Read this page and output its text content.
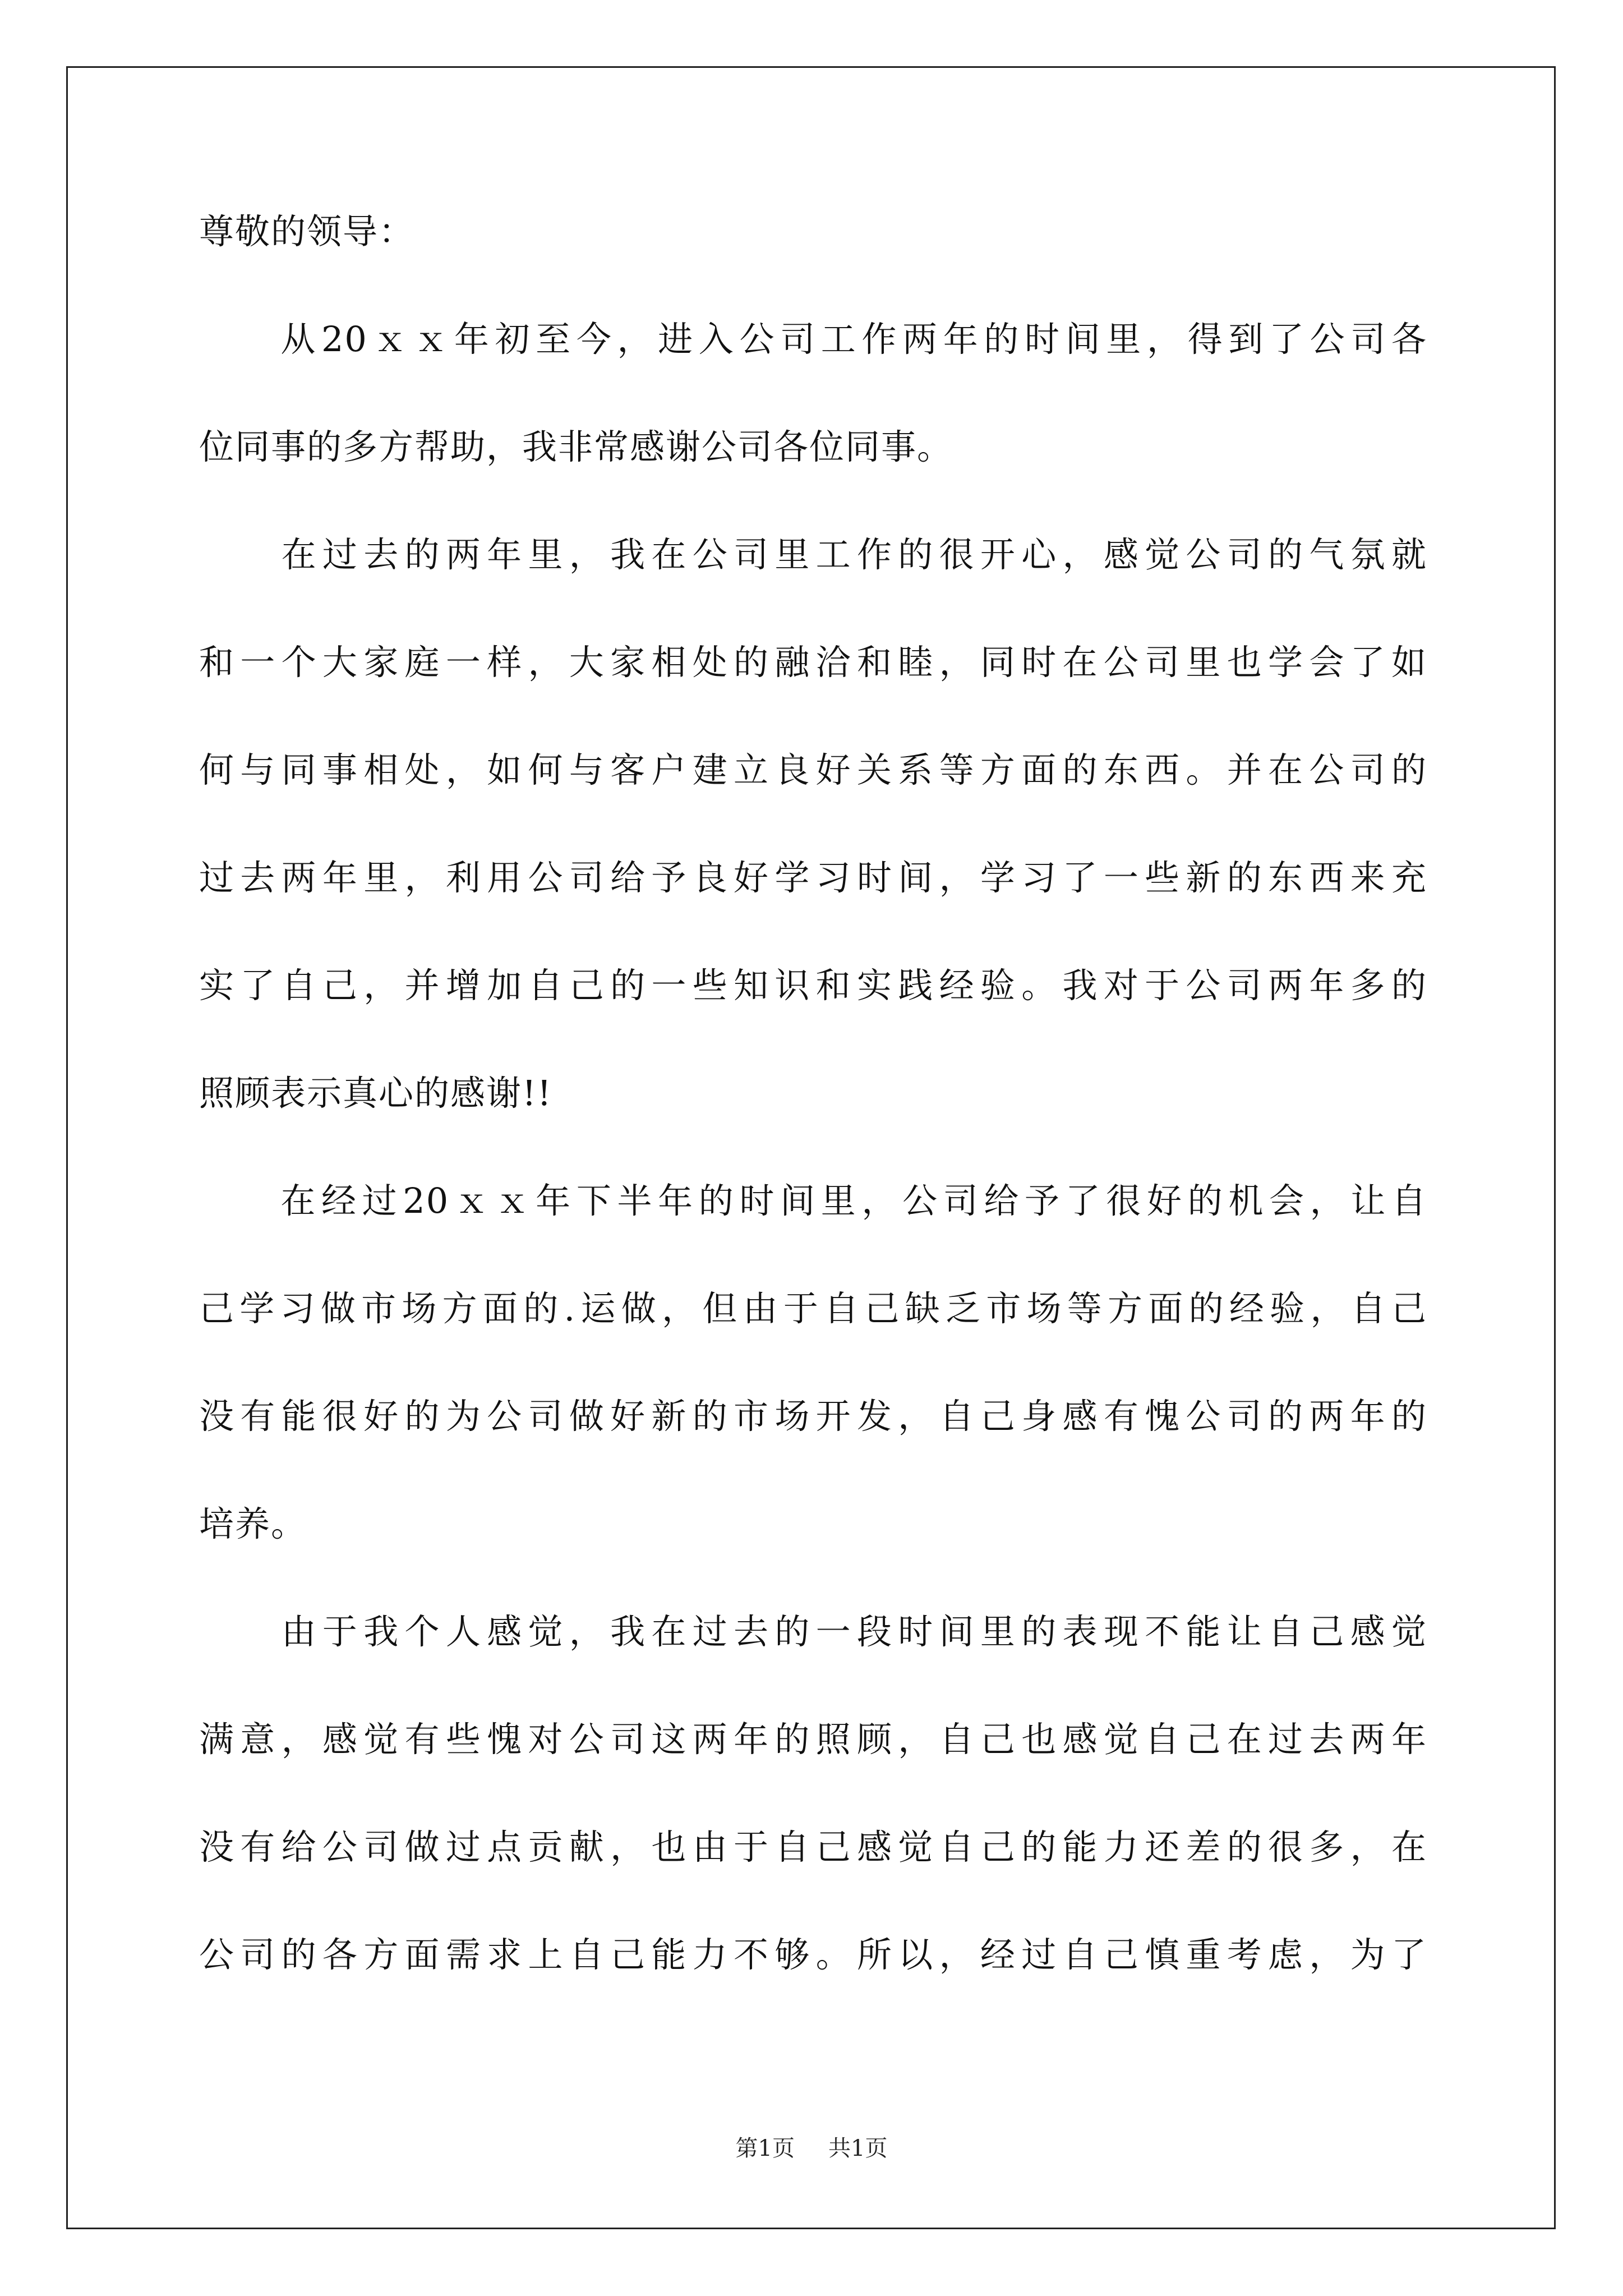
尊敬的领导：
　　从20ｘｘ年初至今，进入公司工作两年的时间里，得到了公司各
位同事的多方帮助，我非常感谢公司各位同事。
　　在过去的两年里，我在公司里工作的很开心，感觉公司的气氛就
和一个大家庭一样，大家相处的融洽和睦，同时在公司里也学会了如
何与同事相处，如何与客户建立良好关系等方面的东西。并在公司的
过去两年里，利用公司给予良好学习时间，学习了一些新的东西来充
实了自己，并增加自己的一些知识和实践经验。我对于公司两年多的
照顾表示真心的感谢!!
　　在经过20ｘｘ年下半年的时间里，公司给予了很好的机会，让自
己学习做市场方面的.运做，但由于自己缺乏市场等方面的经验，自己
没有能很好的为公司做好新的市场开发，自己身感有愧公司的两年的
培养。
　　由于我个人感觉，我在过去的一段时间里的表现不能让自己感觉
满意，感觉有些愧对公司这两年的照顾，自己也感觉自己在过去两年
没有给公司做过点贡献，也由于自己感觉自己的能力还差的很多，在
公司的各方面需求上自己能力不够。所以，经过自己慎重考虑，为了
第1页 共1页
